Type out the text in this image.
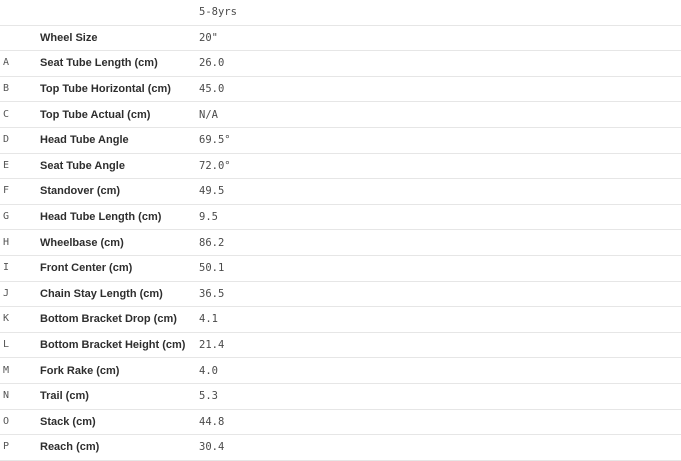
		5-8yrs
	Wheel Size	20"
A	Seat Tube Length (cm)	26.0
B	Top Tube Horizontal (cm)	45.0
C	Top Tube Actual (cm)	N/A
D	Head Tube Angle	69.5°
E	Seat Tube Angle	72.0°
F	Standover (cm)	49.5
G	Head Tube Length (cm)	9.5
H	Wheelbase (cm)	86.2
I	Front Center (cm)	50.1
J	Chain Stay Length (cm)	36.5
K	Bottom Bracket Drop (cm)	4.1
L	Bottom Bracket Height (cm)	21.4
M	Fork Rake (cm)	4.0
N	Trail (cm)	5.3
O	Stack (cm)	44.8
P	Reach (cm)	30.4
